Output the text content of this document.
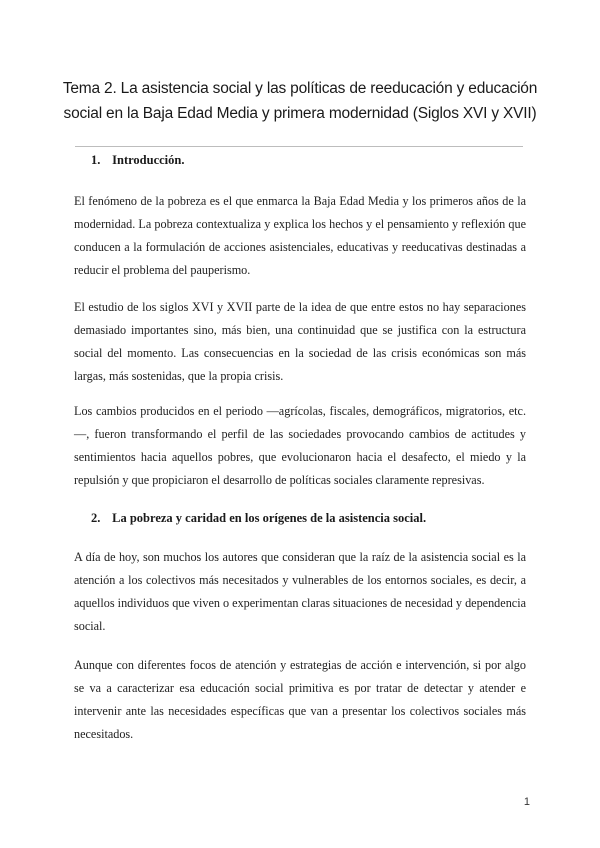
Tema 2. La asistencia social y las políticas de reeducación y educación social en la Baja Edad Media y primera modernidad (Siglos XVI y XVII)
1. Introducción.

El fenómeno de la pobreza es el que enmarca la Baja Edad Media y los primeros años de la modernidad. La pobreza contextualiza y explica los hechos y el pensamiento y reflexión que conducen a la formulación de acciones asistenciales, educativas y reeducativas destinadas a reducir el problema del pauperismo.

El estudio de los siglos XVI y XVII parte de la idea de que entre estos no hay separaciones demasiado importantes sino, más bien, una continuidad que se justifica con la estructura social del momento. Las consecuencias en la sociedad de las crisis económicas son más largas, más sostenidas, que la propia crisis.

Los cambios producidos en el periodo —agrícolas, fiscales, demográficos, migratorios, etc.—, fueron transformando el perfil de las sociedades provocando cambios de actitudes y sentimientos hacia aquellos pobres, que evolucionaron hacia el desafecto, el miedo y la repulsión y que propiciaron el desarrollo de políticas sociales claramente represivas.

2. La pobreza y caridad en los orígenes de la asistencia social.

A día de hoy, son muchos los autores que consideran que la raíz de la asistencia social es la atención a los colectivos más necesitados y vulnerables de los entornos sociales, es decir, a aquellos individuos que viven o experimentan claras situaciones de necesidad y dependencia social.

Aunque con diferentes focos de atención y estrategias de acción e intervención, si por algo se va a caracterizar esa educación social primitiva es por tratar de detectar y atender e intervenir ante las necesidades específicas que van a presentar los colectivos sociales más necesitados.

1
